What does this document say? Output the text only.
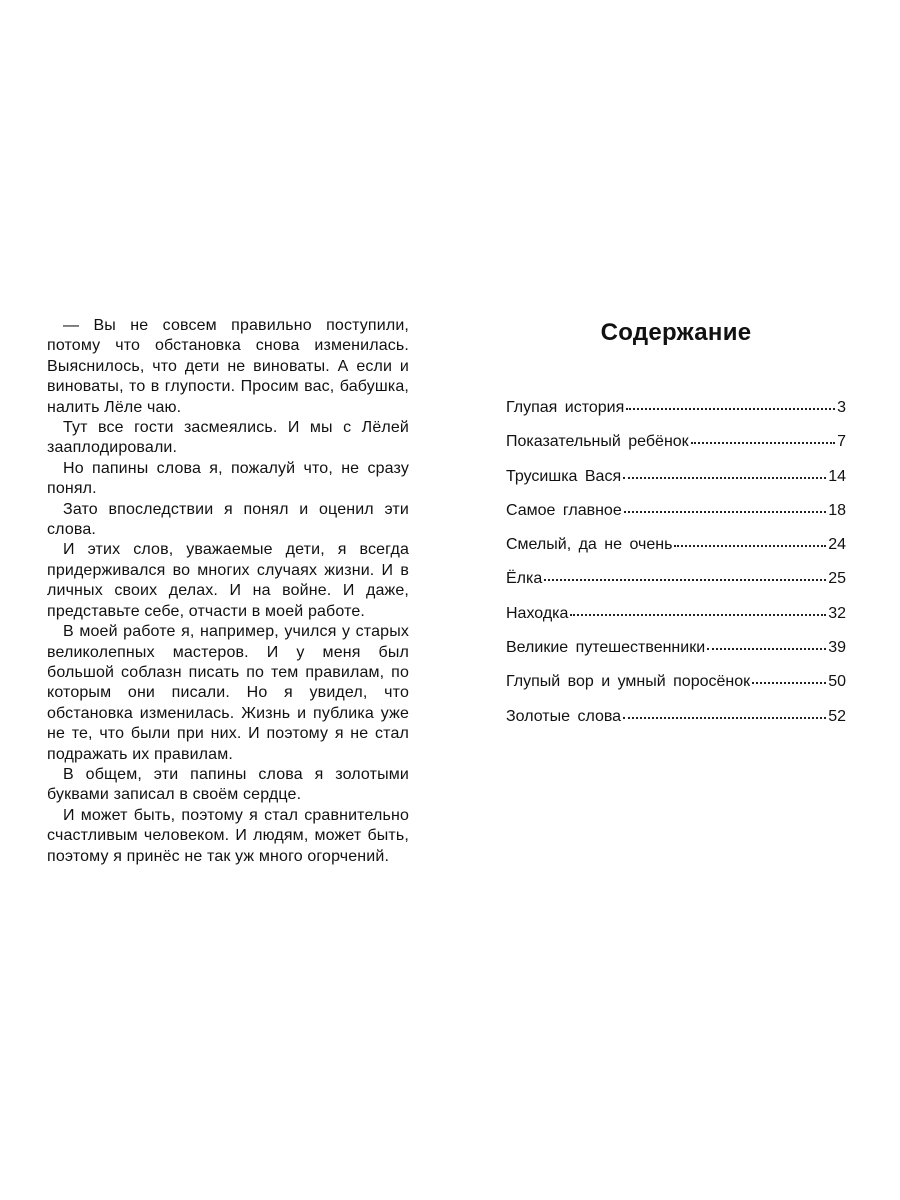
— Вы не совсем правильно поступили, потому что обстановка снова изменилась. Выяснилось, что дети не виноваты. А если и виноваты, то в глупости. Просим вас, бабушка, налить Лёле чаю.

Тут все гости засмеялись. И мы с Лёлей зааплодировали.

Но папины слова я, пожалуй что, не сразу понял.

Зато впоследствии я понял и оценил эти слова.

И этих слов, уважаемые дети, я всегда придерживался во многих случаях жизни. И в личных своих делах. И на войне. И даже, представьте себе, отчасти в моей работе.

В моей работе я, например, учился у старых великолепных мастеров. И у меня был большой соблазн писать по тем правилам, по которым они писали. Но я увидел, что обстановка изменилась. Жизнь и публика уже не те, что были при них. И поэтому я не стал подражать их правилам.

В общем, эти папины слова я золотыми буквами записал в своём сердце.

И может быть, поэтому я стал сравнительно счастливым человеком. И людям, может быть, поэтому я принёс не так уж много огорчений.

Содержание
Глупая история	3
Показательный ребёнок	7
Трусишка Вася	14
Самое главное	18
Смелый, да не очень	24
Ёлка	25
Находка	32
Великие путешественники	39
Глупый вор и умный поросёнок	50
Золотые слова	52
